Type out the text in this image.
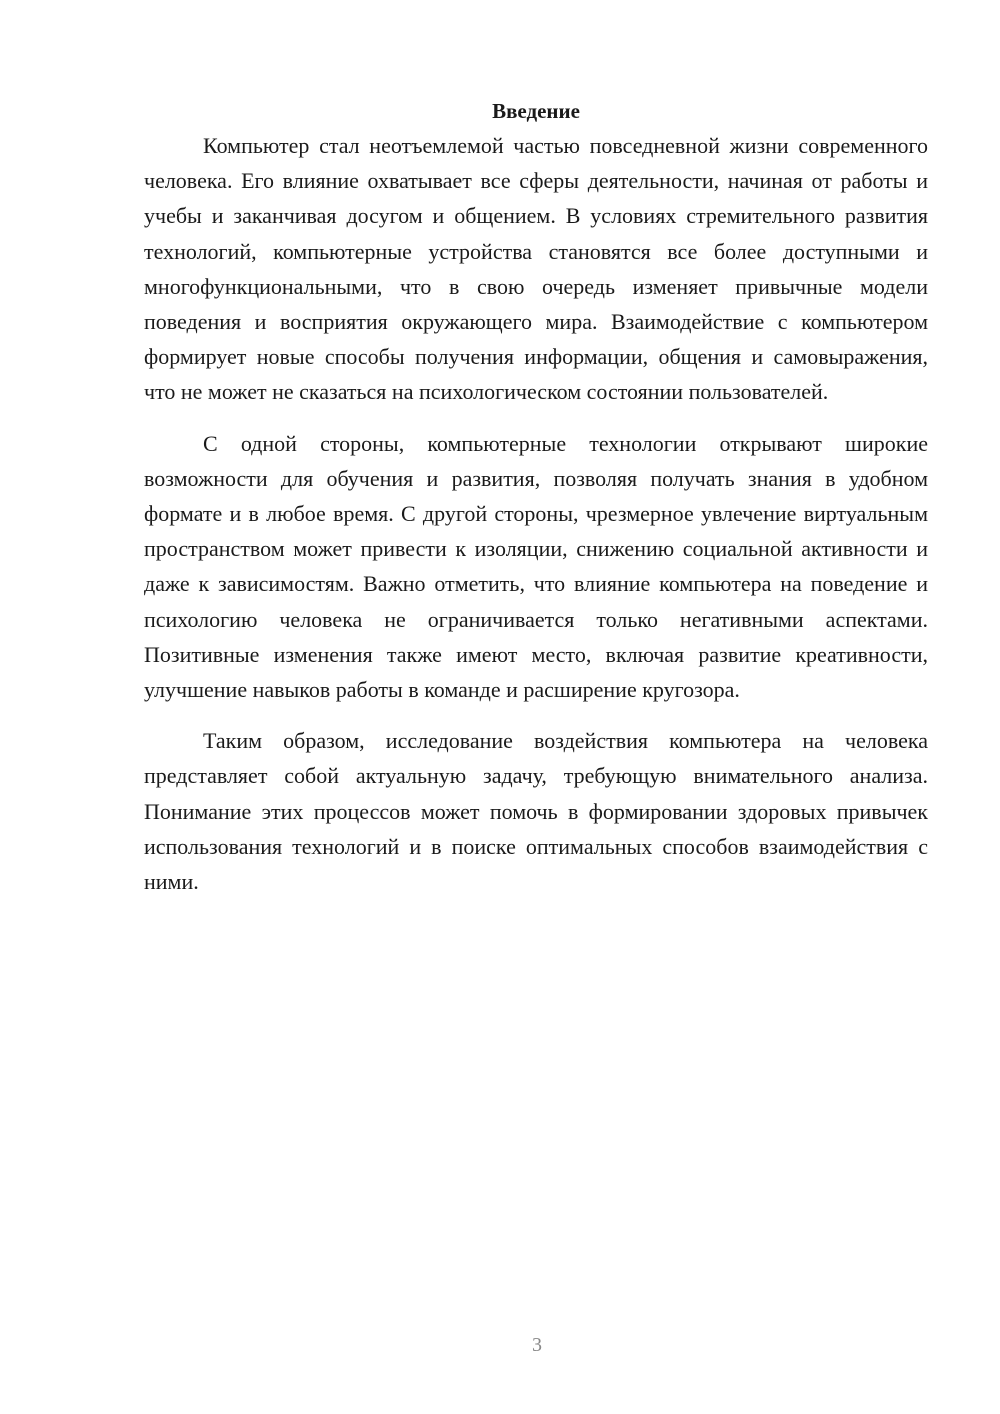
Введение

Компьютер стал неотъемлемой частью повседневной жизни современного человека. Его влияние охватывает все сферы деятельности, начиная от работы и учебы и заканчивая досугом и общением. В условиях стремительного развития технологий, компьютерные устройства становятся все более доступными и многофункциональными, что в свою очередь изменяет привычные модели поведения и восприятия окружающего мира. Взаимодействие с компьютером формирует новые способы получения информации, общения и самовыражения, что не может не сказаться на психологическом состоянии пользователей.

С одной стороны, компьютерные технологии открывают широкие возможности для обучения и развития, позволяя получать знания в удобном формате и в любое время. С другой стороны, чрезмерное увлечение виртуальным пространством может привести к изоляции, снижению социальной активности и даже к зависимостям. Важно отметить, что влияние компьютера на поведение и психологию человека не ограничивается только негативными аспектами. Позитивные изменения также имеют место, включая развитие креативности, улучшение навыков работы в команде и расширение кругозора.

Таким образом, исследование воздействия компьютера на человека представляет собой актуальную задачу, требующую внимательного анализа. Понимание этих процессов может помочь в формировании здоровых привычек использования технологий и в поиске оптимальных способов взаимодействия с ними.

3
